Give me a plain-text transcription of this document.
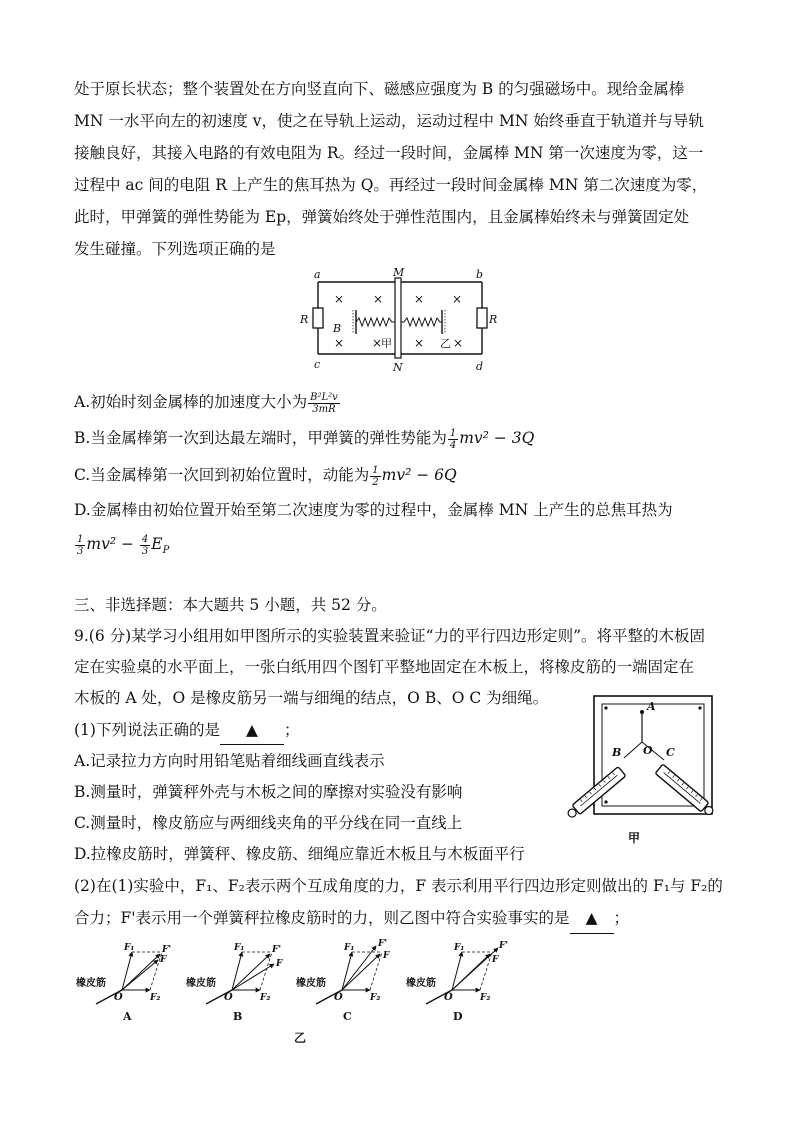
处于原长状态；整个装置处在方向竖直向下、磁感应强度为 B 的匀强磁场中。现给金属棒
MN 一水平向左的初速度 v，使之在导轨上运动，运动过程中 MN 始终垂直于轨道并与导轨
接触良好，其接入电路的有效电阻为 R。经过一段时间，金属棒 MN 第一次速度为零，这一
过程中 ac 间的电阻 R 上产生的焦耳热为 Q。再经过一段时间金属棒 MN 第二次速度为零，
此时，甲弹簧的弹性势能为 Ep，弹簧始终处于弹性范围内，且金属棒始终未与弹簧固定处
发生碰撞。下列选项正确的是
× ×	× ×
× ×	× ×
a	b
c	d
M
N
R	R
B
甲	乙
A.初始时刻金属棒的加速度大小为 $\frac{\text{B²L²v}}{3mR}$
B.当金属棒第一次到达最左端时，甲弹簧的弹性势能为 $\frac{1}{4} mv^2 - 3Q$
C.当金属棒第一次回到初始位置时，动能为 $\frac{1}{2} mv^2 - 6Q$
D.金属棒由初始位置开始至第二次速度为零的过程中，金属棒 MN 上产生的总焦耳热为
$\frac{1}{3} mv^2 - \frac{4}{3} E_P$
三、非选择题：本大题共 5 小题，共 52 分。
9.(6 分)某学习小组用如甲图所示的实验装置来验证“力的平行四边形定则”。将平整的木板固
定在实验桌的水平面上，一张白纸用四个图钉平整地固定在木板上，将橡皮筋的一端固定在
木板的 A 处，O 是橡皮筋另一端与细绳的结点，O B、O C 为细绳。
(1)下列说法正确的是 ▲ ；
A.记录拉力方向时用铅笔贴着细线画直线表示
B.测量时，弹簧秤外壳与木板之间的摩擦对实验没有影响
C.测量时，橡皮筋应与两细线夹角的平分线在同一直线上
D.拉橡皮筋时，弹簧秤、橡皮筋、细绳应靠近木板且与木板面平行
A
B O C
甲
(2)在(1)实验中，F₁、F₂表示两个互成角度的力，F 表示利用平行四边形定则做出的 F₁与 F₂的
合力；F'表示用一个弹簧秤拉橡皮筋时的力，则乙图中符合实验事实的是 ▲ ；
橡皮筋
O
F₁
F₂
F'
F
A
橡皮筋
O
F₁
F₂
F'
F
B
橡皮筋
O
F₁
F₂
F'
F
C
橡皮筋
O
F₁
F₂
F'
F
D
乙
